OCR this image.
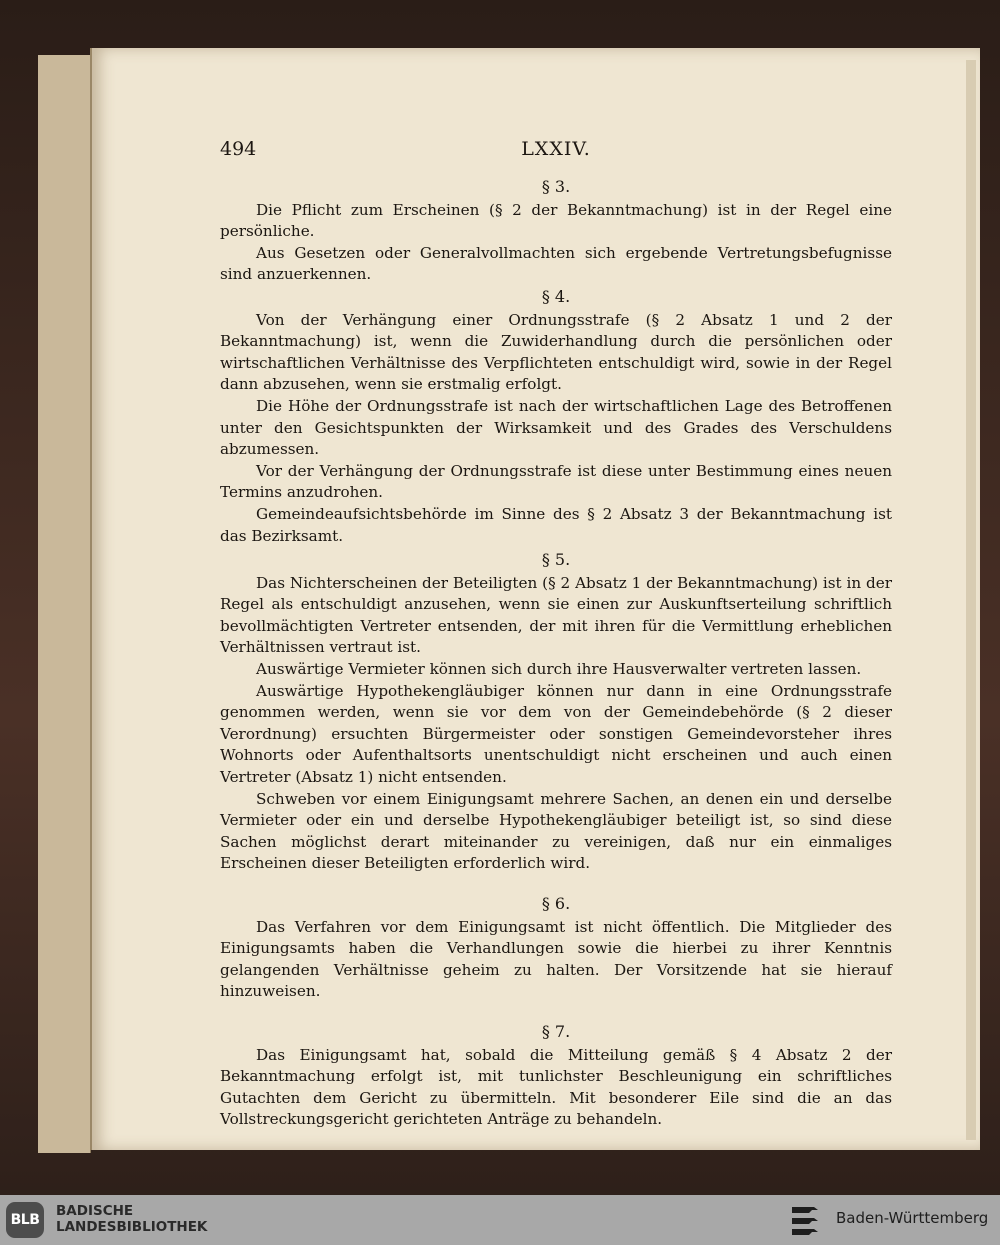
494	LXXIV.

§ 3.

Die Pflicht zum Erscheinen (§ 2 der Bekanntmachung) ist in der Regel eine persönliche.

Aus Gesetzen oder Generalvollmachten sich ergebende Vertretungsbefugnisse sind anzuerkennen.

§ 4.

Von der Verhängung einer Ordnungsstrafe (§ 2 Absatz 1 und 2 der Bekanntmachung) ist, wenn die Zuwiderhandlung durch die persönlichen oder wirtschaftlichen Verhältnisse des Verpflichteten entschuldigt wird, sowie in der Regel dann abzusehen, wenn sie erstmalig erfolgt.

Die Höhe der Ordnungsstrafe ist nach der wirtschaftlichen Lage des Betroffenen unter den Gesichtspunkten der Wirksamkeit und des Grades des Verschuldens abzumessen.

Vor der Verhängung der Ordnungsstrafe ist diese unter Bestimmung eines neuen Termins anzudrohen.

Gemeindeaufsichtsbehörde im Sinne des § 2 Absatz 3 der Bekanntmachung ist das Bezirksamt.

§ 5.

Das Nichterscheinen der Beteiligten (§ 2 Absatz 1 der Bekanntmachung) ist in der Regel als entschuldigt anzusehen, wenn sie einen zur Auskunftserteilung schriftlich bevollmächtigten Vertreter entsenden, der mit ihren für die Vermittlung erheblichen Verhältnissen vertraut ist.

Auswärtige Vermieter können sich durch ihre Hausverwalter vertreten lassen.

Auswärtige Hypothekengläubiger können nur dann in eine Ordnungsstrafe genommen werden, wenn sie vor dem von der Gemeindebehörde (§ 2 dieser Verordnung) ersuchten Bürgermeister oder sonstigen Gemeindevorsteher ihres Wohnorts oder Aufenthaltsorts unentschuldigt nicht erscheinen und auch einen Vertreter (Absatz 1) nicht entsenden.

Schweben vor einem Einigungsamt mehrere Sachen, an denen ein und derselbe Vermieter oder ein und derselbe Hypothekengläubiger beteiligt ist, so sind diese Sachen möglichst derart miteinander zu vereinigen, daß nur ein einmaliges Erscheinen dieser Beteiligten erforderlich wird.

§ 6.

Das Verfahren vor dem Einigungsamt ist nicht öffentlich. Die Mitglieder des Einigungsamts haben die Verhandlungen sowie die hierbei zu ihrer Kenntnis gelangenden Verhältnisse geheim zu halten. Der Vorsitzende hat sie hierauf hinzuweisen.

§ 7.

Das Einigungsamt hat, sobald die Mitteilung gemäß § 4 Absatz 2 der Bekanntmachung erfolgt ist, mit tunlichster Beschleunigung ein schriftliches Gutachten dem Gericht zu übermitteln. Mit besonderer Eile sind die an das Vollstreckungsgericht gerichteten Anträge zu behandeln.

BLB
BADISCHE
LANDESBIBLIOTHEK	Baden-Württemberg
